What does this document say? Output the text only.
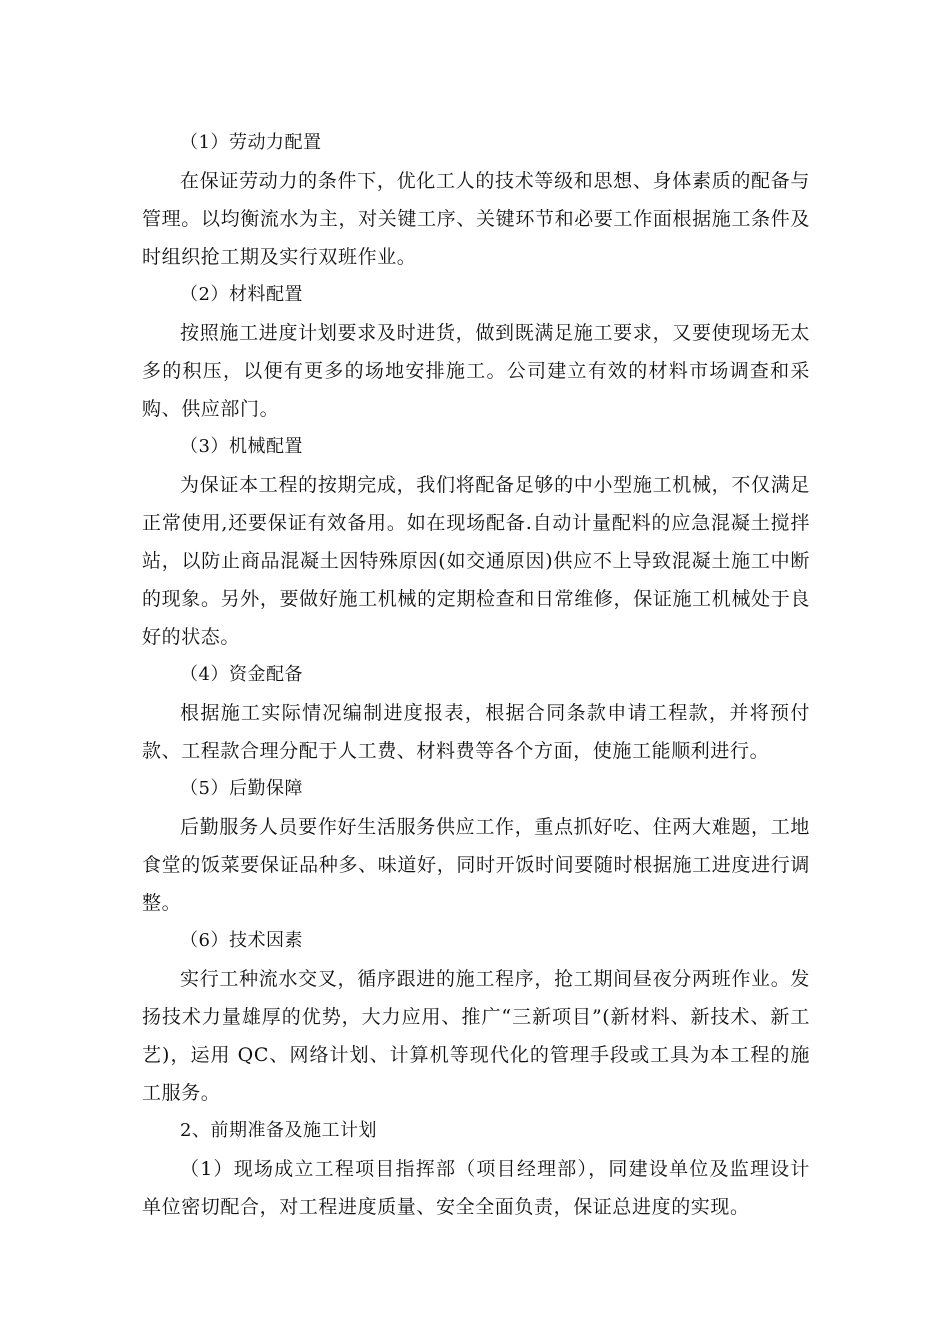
（1）劳动力配置

在保证劳动力的条件下，优化工人的技术等级和思想、身体素质的配备与管理。以均衡流水为主，对关键工序、关键环节和必要工作面根据施工条件及时组织抢工期及实行双班作业。

（2）材料配置

按照施工进度计划要求及时进货，做到既满足施工要求，又要使现场无太多的积压，以便有更多的场地安排施工。公司建立有效的材料市场调查和采购、供应部门。

（3）机械配置

为保证本工程的按期完成，我们将配备足够的中小型施工机械，不仅满足正常使用,还要保证有效备用。如在现场配备.自动计量配料的应急混凝土搅拌站，以防止商品混凝土因特殊原因(如交通原因)供应不上导致混凝土施工中断的现象。另外，要做好施工机械的定期检查和日常维修，保证施工机械处于良好的状态。

（4）资金配备

根据施工实际情况编制进度报表，根据合同条款申请工程款，并将预付款、工程款合理分配于人工费、材料费等各个方面，使施工能顺利进行。

（5）后勤保障

后勤服务人员要作好生活服务供应工作，重点抓好吃、住两大难题，工地食堂的饭菜要保证品种多、味道好，同时开饭时间要随时根据施工进度进行调整。

（6）技术因素

实行工种流水交叉，循序跟进的施工程序，抢工期间昼夜分两班作业。发扬技术力量雄厚的优势，大力应用、推广“三新项目”(新材料、新技术、新工艺)，运用 QC、网络计划、计算机等现代化的管理手段或工具为本工程的施工服务。

2、前期准备及施工计划

（1）现场成立工程项目指挥部（项目经理部），同建设单位及监理设计单位密切配合，对工程进度质量、安全全面负责，保证总进度的实现。
